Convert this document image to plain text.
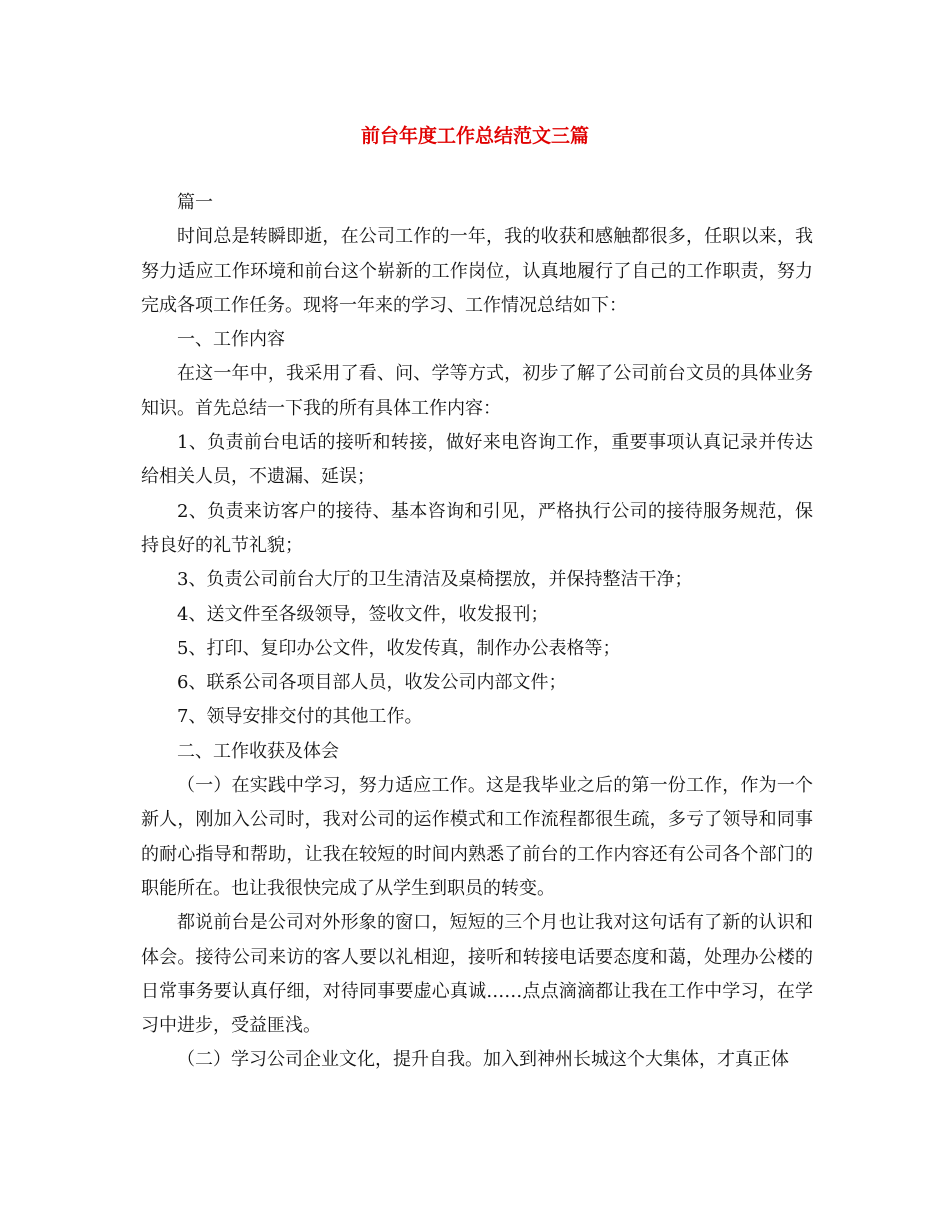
前台年度工作总结范文三篇

篇一

时间总是转瞬即逝，在公司工作的一年，我的收获和感触都很多，任职以来，我努力适应工作环境和前台这个崭新的工作岗位，认真地履行了自己的工作职责，努力完成各项工作任务。现将一年来的学习、工作情况总结如下：

一、工作内容

在这一年中，我采用了看、问、学等方式，初步了解了公司前台文员的具体业务知识。首先总结一下我的所有具体工作内容：

1、负责前台电话的接听和转接，做好来电咨询工作，重要事项认真记录并传达给相关人员，不遗漏、延误；

2、负责来访客户的接待、基本咨询和引见，严格执行公司的接待服务规范，保持良好的礼节礼貌；

3、负责公司前台大厅的卫生清洁及桌椅摆放，并保持整洁干净；

4、送文件至各级领导，签收文件，收发报刊；

5、打印、复印办公文件，收发传真，制作办公表格等；

6、联系公司各项目部人员，收发公司内部文件；

7、领导安排交付的其他工作。

二、工作收获及体会

（一）在实践中学习，努力适应工作。这是我毕业之后的第一份工作，作为一个新人，刚加入公司时，我对公司的运作模式和工作流程都很生疏，多亏了领导和同事的耐心指导和帮助，让我在较短的时间内熟悉了前台的工作内容还有公司各个部门的职能所在。也让我很快完成了从学生到职员的转变。

都说前台是公司对外形象的窗口，短短的三个月也让我对这句话有了新的认识和体会。接待公司来访的客人要以礼相迎，接听和转接电话要态度和蔼，处理办公楼的日常事务要认真仔细，对待同事要虚心真诚……点点滴滴都让我在工作中学习，在学习中进步，受益匪浅。

（二）学习公司企业文化，提升自我。加入到神州长城这个大集体，才真正体
